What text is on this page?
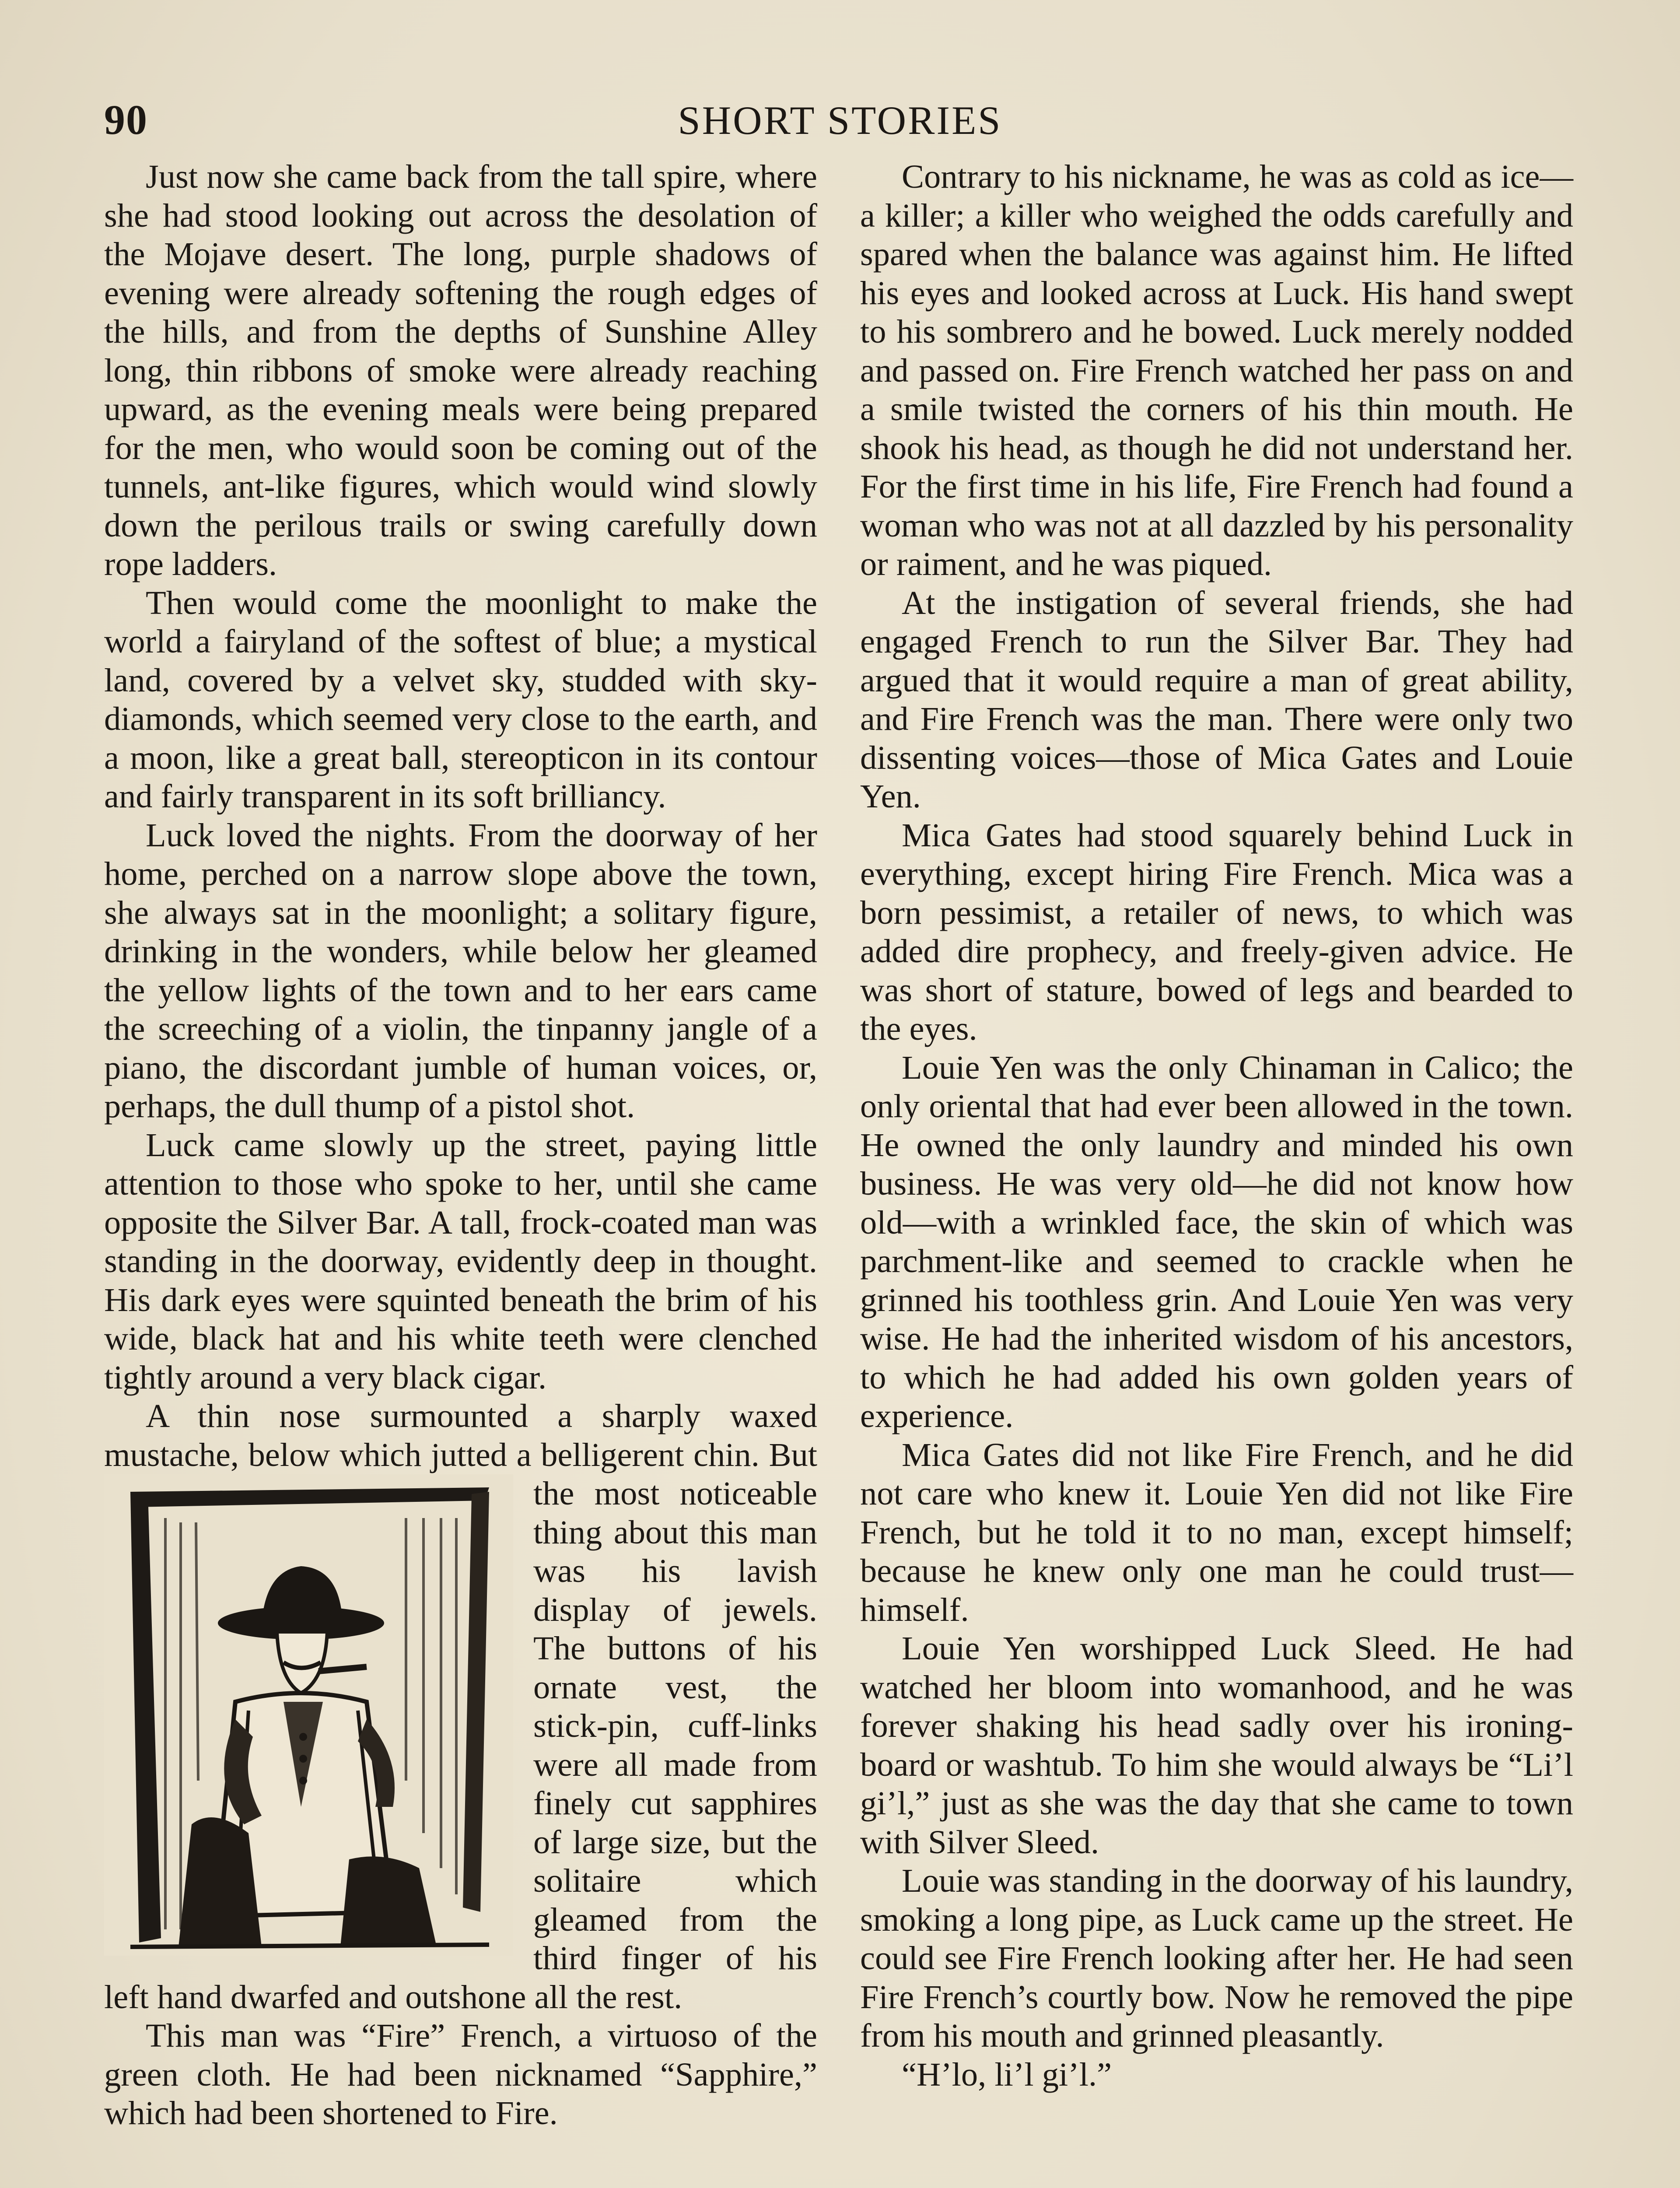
90	SHORT STORIES

Just now she came back from the tall spire, where she had stood looking out across the desolation of the Mojave desert. The long, purple shadows of evening were already softening the rough edges of the hills, and from the depths of Sunshine Alley long, thin ribbons of smoke were already reaching upward, as the evening meals were being prepared for the men, who would soon be coming out of the tunnels, ant-like figures, which would wind slowly down the perilous trails or swing carefully down rope ladders.

Then would come the moonlight to make the world a fairyland of the softest of blue; a mystical land, covered by a velvet sky, studded with sky-diamonds, which seemed very close to the earth, and a moon, like a great ball, stereopticon in its contour and fairly transparent in its soft brilliancy.

Luck loved the nights. From the doorway of her home, perched on a narrow slope above the town, she always sat in the moonlight; a solitary figure, drinking in the wonders, while below her gleamed the yellow lights of the town and to her ears came the screeching of a violin, the tinpanny jangle of a piano, the discordant jumble of human voices, or, perhaps, the dull thump of a pistol shot.

Luck came slowly up the street, paying little attention to those who spoke to her, until she came opposite the Silver Bar. A tall, frock-coated man was standing in the doorway, evidently deep in thought. His dark eyes were squinted beneath the brim of his wide, black hat and his white teeth were clenched tightly around a very black cigar.

A thin nose surmounted a sharply waxed mustache, below which jutted a belligerent
chin. But the most noticeable thing about this man was his lavish display of jewels. The buttons of his ornate vest, the stick-pin, cuff-links were all made from finely cut sapphires of large size, but the solitaire which gleamed from the third finger of his left hand dwarfed and outshone all the rest.

This man was “Fire” French, a virtuoso of the green cloth. He had been nicknamed “Sapphire,” which had been shortened to Fire.

Contrary to his nickname, he was as cold as ice—a killer; a killer who weighed the odds carefully and spared when the balance was against him. He lifted his eyes and looked across at Luck. His hand swept to his sombrero and he bowed. Luck merely nodded and passed on. Fire French watched her pass on and a smile twisted the corners of his thin mouth. He shook his head, as though he did not understand her. For the first time in his life, Fire French had found a woman who was not at all dazzled by his personality or raiment, and he was piqued.

At the instigation of several friends, she had engaged French to run the Silver Bar. They had argued that it would require a man of great ability, and Fire French was the man. There were only two dissenting voices—those of Mica Gates and Louie Yen.

Mica Gates had stood squarely behind Luck in everything, except hiring Fire French. Mica was a born pessimist, a retailer of news, to which was added dire prophecy, and freely-given advice. He was short of stature, bowed of legs and bearded to the eyes.

Louie Yen was the only Chinaman in Calico; the only oriental that had ever been allowed in the town. He owned the only laundry and minded his own business. He was very old—he did not know how old—with a wrinkled face, the skin of which was parchment-like and seemed to crackle when he grinned his toothless grin. And Louie Yen was very wise. He had the inherited wisdom of his ancestors, to which he had added his own golden years of experience.

Mica Gates did not like Fire French, and he did not care who knew it. Louie Yen did not like Fire French, but he told it to no man, except himself; because he knew only one man he could trust—himself.

Louie Yen worshipped Luck Sleed. He had watched her bloom into womanhood, and he was forever shaking his head sadly over his ironing-board or washtub. To him she would always be “Li’l gi’l,” just as she was the day that she came to town with Silver Sleed.

Louie was standing in the doorway of his laundry, smoking a long pipe, as Luck came up the street. He could see Fire French looking after her. He had seen Fire French’s courtly bow. Now he removed the pipe from his mouth and grinned pleasantly.

“H’lo, li’l gi’l.”
